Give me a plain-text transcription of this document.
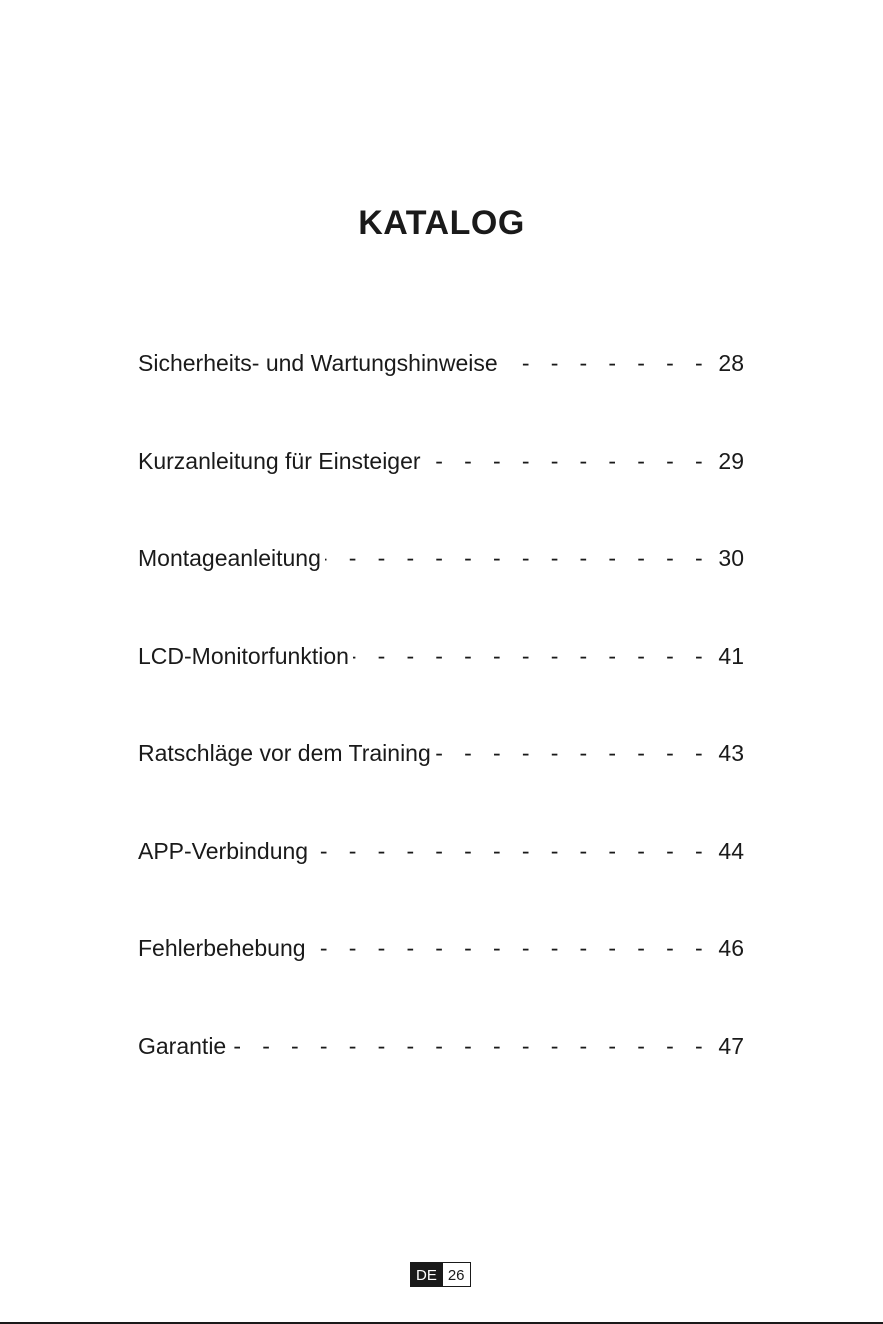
KATALOG
Sicherheits- und Wartungshinweise - - -	28
Kurzanleitung für Einsteiger - - -	29
Montageanleitung - - -	30
LCD-Monitorfunktion - - -	41
Ratschläge vor dem Training - - -	43
APP-Verbindung - - -	44
Fehlerbehebung - - -	46
Garantie - - -	47
DE 26
